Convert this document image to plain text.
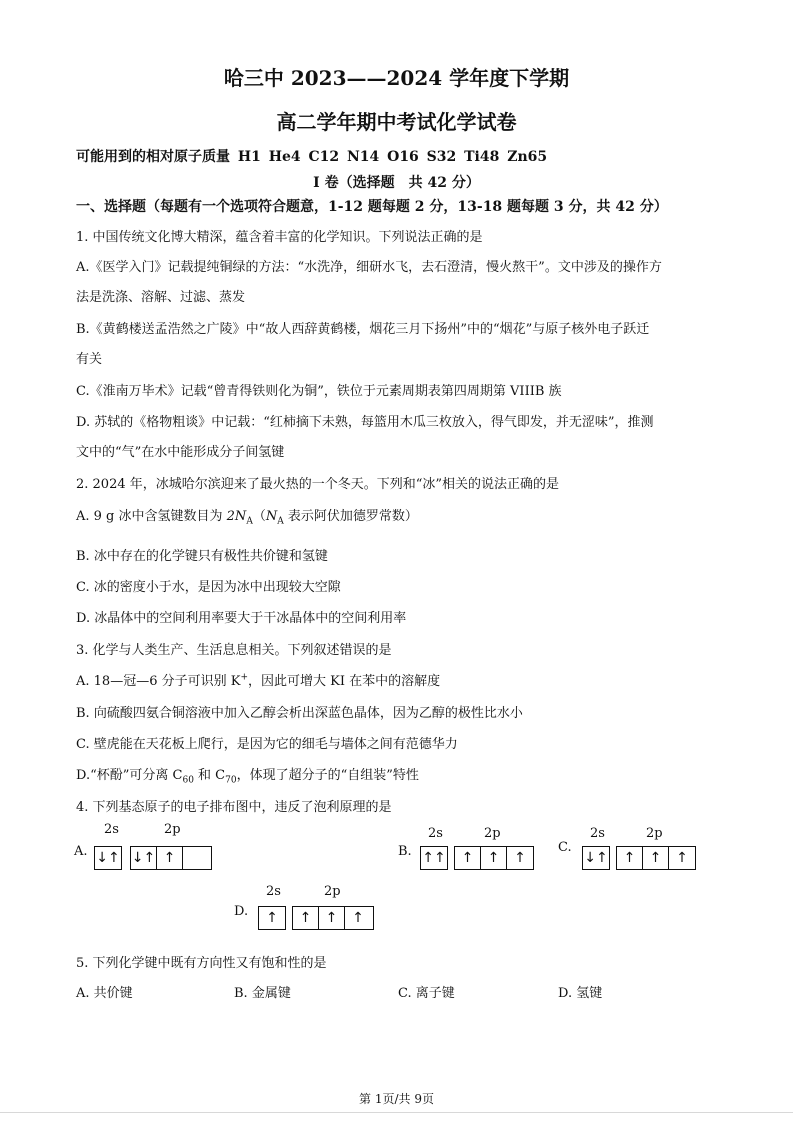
哈三中 2023——2024 学年度下学期
高二学年期中考试化学试卷
可能用到的相对原子质量 H1 He4 C12 N14 O16 S32 Ti48 Zn65
I 卷（选择题　共 42 分）
一、选择题（每题有一个选项符合题意，1-12 题每题 2 分，13-18 题每题 3 分，共 42 分）
1. 中国传统文化博大精深，蕴含着丰富的化学知识。下列说法正确的是
A.《医学入门》记载提纯铜绿的方法：“水洗净，细研水飞，去石澄清，慢火熬干”。文中涉及的操作方
法是洗涤、溶解、过滤、蒸发
B.《黄鹤楼送孟浩然之广陵》中“故人西辞黄鹤楼，烟花三月下扬州”中的“烟花”与原子核外电子跃迁
有关
C.《淮南万毕术》记载“曾青得铁则化为铜”，铁位于元素周期表第四周期第 VIIIB 族
D. 苏轼的《格物粗谈》中记载：“红柿摘下未熟，每篮用木瓜三枚放入，得气即发，并无涩味”，推测
文中的“气”在水中能形成分子间氢键
2. 2024 年，冰城哈尔滨迎来了最火热的一个冬天。下列和“冰”相关的说法正确的是
A. 9 g 冰中含氢键数目为 $2N_A(N_A$ 表示阿伏加德罗常数）
B. 冰中存在的化学键只有极性共价键和氢键
C. 冰的密度小于水，是因为冰中出现较大空隙
D. 冰晶体中的空间利用率要大于干冰晶体中的空间利用率
3. 化学与人类生产、生活息息相关。下列叙述错误的是
A. 18—冠—6 分子可识别 K+，因此可增大 KI 在苯中的溶解度
B. 向硫酸四氨合铜溶液中加入乙醇会析出深蓝色晶体，因为乙醇的极性比水小
C. 壁虎能在天花板上爬行，是因为它的细毛与墙体之间有范德华力
D.“杯酚”可分离 $C_{60}$ 和 $C_{70}$，体现了超分子的“自组装”特性
4. 下列基态原子的电子排布图中，违反了泡利原理的是
2s	2p
A. ↓↑ ↓↑ ↑
2s	2p
B. ↑↑	↑	↑	↑
2s	2p
C.
↓↑	↑	↑	↑
2s	2p
D.	↑	↑	↑	↑
5. 下列化学键中既有方向性又有饱和性的是
A. 共价键	B. 金属键	C. 离子键	D. 氢键
第 1页/共 9页
